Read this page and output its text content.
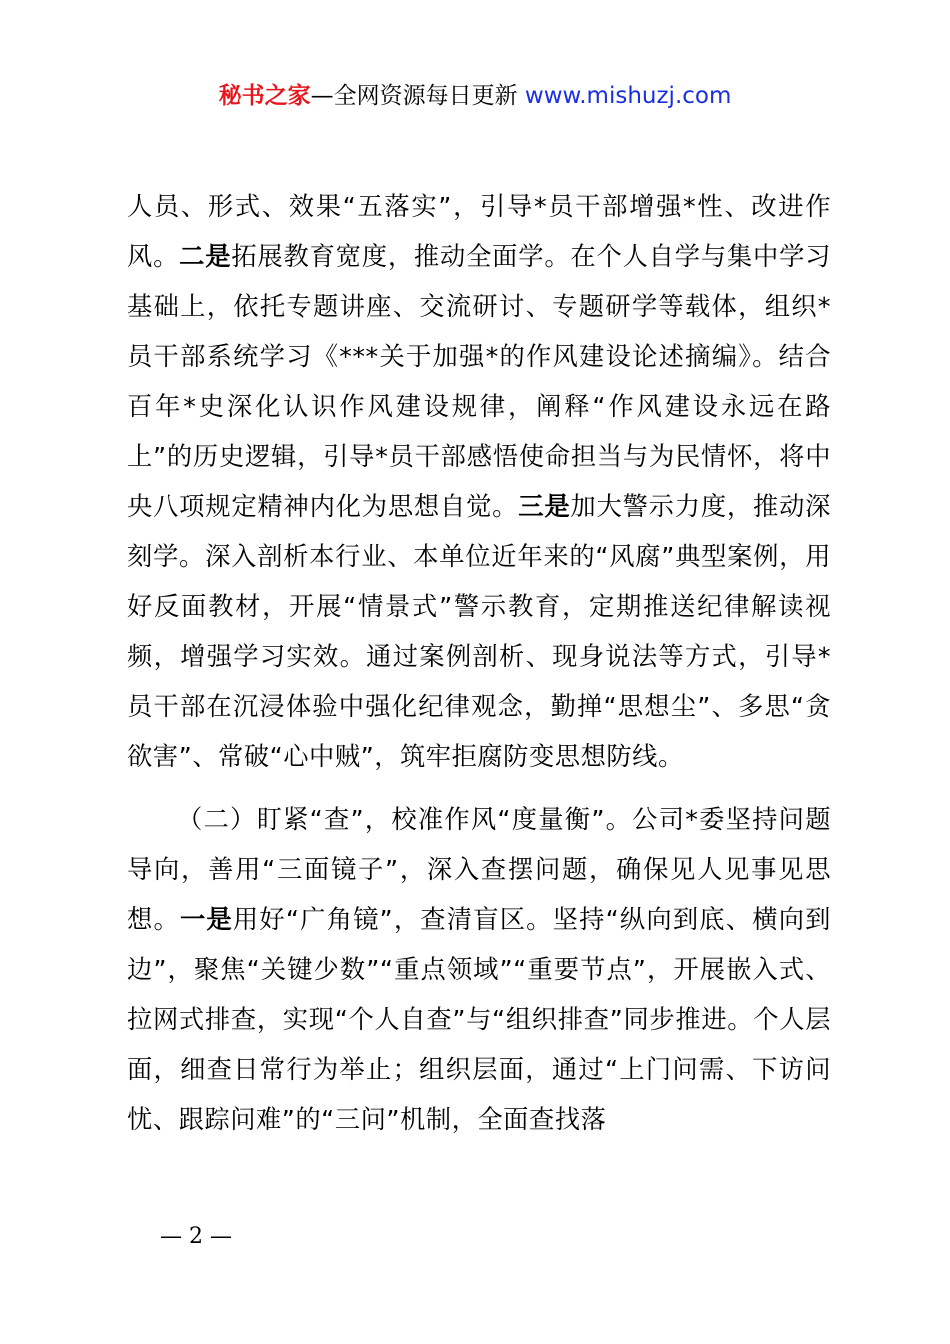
秘书之家—全网资源每日更新 www.mishuzj.com

人员、形式、效果“五落实”，引导*员干部增强*性、改进作风。二是拓展教育宽度，推动全面学。在个人自学与集中学习基础上，依托专题讲座、交流研讨、专题研学等载体，组织*员干部系统学习《***关于加强*的作风建设论述摘编》。结合百年*史深化认识作风建设规律，阐释“作风建设永远在路上”的历史逻辑，引导*员干部感悟使命担当与为民情怀，将中央八项规定精神内化为思想自觉。三是加大警示力度，推动深刻学。深入剖析本行业、本单位近年来的“风腐”典型案例，用好反面教材，开展“情景式”警示教育，定期推送纪律解读视频，增强学习实效。通过案例剖析、现身说法等方式，引导*员干部在沉浸体验中强化纪律观念，勤掸“思想尘”、多思“贪欲害”、常破“心中贼”，筑牢拒腐防变思想防线。

（二）盯紧“查”，校准作风“度量衡”。公司*委坚持问题导向，善用“三面镜子”，深入查摆问题，确保见人见事见思想。一是用好“广角镜”，查清盲区。坚持“纵向到底、横向到边”，聚焦“关键少数”“重点领域”“重要节点”，开展嵌入式、拉网式排查，实现“个人自查”与“组织排查”同步推进。个人层面，细查日常行为举止；组织层面，通过“上门问需、下访问忧、跟踪问难”的“三问”机制，全面查找落

— 2 —
